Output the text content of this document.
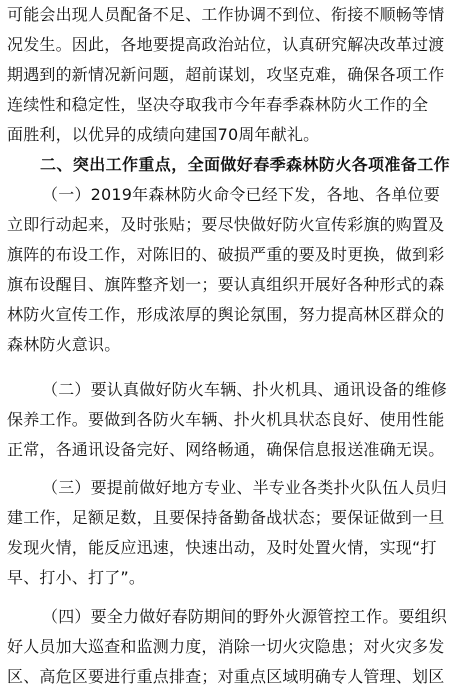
可能会出现人员配备不足、工作协调不到位、衔接不顺畅等情
况发生。因此，各地要提高政治站位，认真研究解决改革过渡
期遇到的新情况新问题，超前谋划，攻坚克难，确保各项工作
连续性和稳定性，坚决夺取我市今年春季森林防火工作的全
面胜利，以优异的成绩向建国70周年献礼。
二、突出工作重点，全面做好春季森林防火各项准备工作
（一）2019年森林防火命令已经下发，各地、各单位要
立即行动起来，及时张贴；要尽快做好防火宣传彩旗的购置及
旗阵的布设工作，对陈旧的、破损严重的要及时更换，做到彩
旗布设醒目、旗阵整齐划一；要认真组织开展好各种形式的森
林防火宣传工作，形成浓厚的舆论氛围，努力提高林区群众的
森林防火意识。
（二）要认真做好防火车辆、扑火机具、通讯设备的维修
保养工作。要做到各防火车辆、扑火机具状态良好、使用性能
正常，各通讯设备完好、网络畅通，确保信息报送准确无误。
（三）要提前做好地方专业、半专业各类扑火队伍人员归
建工作，足额足数，且要保持备勤备战状态；要保证做到一旦
发现火情，能反应迅速，快速出动，及时处置火情，实现“打
早、打小、打了”。
（四）要全力做好春防期间的野外火源管控工作。要组织
好人员加大巡查和监测力度，消除一切火灾隐患；对火灾多发
区、高危区要进行重点排查；对重点区域明确专人管理、划区
